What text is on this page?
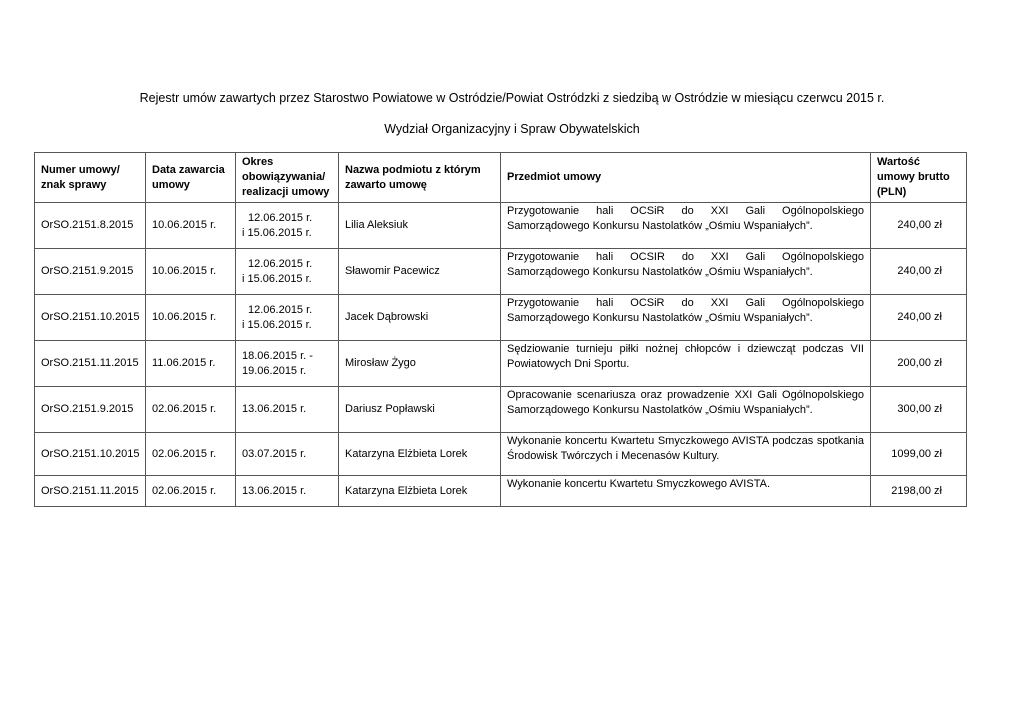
Rejestr umów zawartych przez Starostwo Powiatowe w Ostródzie/Powiat Ostródzki z siedzibą w Ostródzie w miesiącu czerwcu 2015 r.
Wydział Organizacyjny i Spraw Obywatelskich
Numer umowy/ znak sprawy	Data zawarcia umowy	Okres obowiązywania/ realizacji umowy	Nazwa podmiotu z którym zawarto umowę	Przedmiot umowy	Wartość umowy brutto (PLN)
OrSO.2151.8.2015	10.06.2015 r.	12.06.2015 r.
i 15.06.2015 r.	Lilia Aleksiuk	Przygotowanie hali OCSiR do XXI Gali Ogólnopolskiego Samorządowego Konkursu Nastolatków „Ośmiu Wspaniałych”.	240,00 zł
OrSO.2151.9.2015	10.06.2015 r.	12.06.2015 r.
i 15.06.2015 r.	Sławomir Pacewicz	Przygotowanie hali OCSIR do XXI Gali Ogólnopolskiego Samorządowego Konkursu Nastolatków „Ośmiu Wspaniałych”.	240,00 zł
OrSO.2151.10.2015	10.06.2015 r.	12.06.2015 r.
i 15.06.2015 r.	Jacek Dąbrowski	Przygotowanie hali OCSiR do XXI Gali Ogólnopolskiego Samorządowego Konkursu Nastolatków „Ośmiu Wspaniałych”.	240,00 zł
OrSO.2151.11.2015	11.06.2015 r.	18.06.2015 r. -
19.06.2015 r.	Mirosław Żygo	Sędziowanie turnieju piłki nożnej chłopców i dziewcząt podczas VII Powiatowych Dni Sportu.	200,00 zł
OrSO.2151.9.2015	02.06.2015 r.	13.06.2015 r.	Dariusz Popławski	Opracowanie scenariusza oraz prowadzenie XXI Gali Ogólnopolskiego Samorządowego Konkursu Nastolatków „Ośmiu Wspaniałych”.	300,00 zł
OrSO.2151.10.2015	02.06.2015 r.	03.07.2015 r.	Katarzyna Elżbieta Lorek	Wykonanie koncertu Kwartetu Smyczkowego AVISTA podczas spotkania Środowisk Twórczych i Mecenasów Kultury.	1099,00 zł
OrSO.2151.11.2015	02.06.2015 r.	13.06.2015 r.	Katarzyna Elżbieta Lorek	Wykonanie koncertu Kwartetu Smyczkowego AVISTA.	2198,00 zł
